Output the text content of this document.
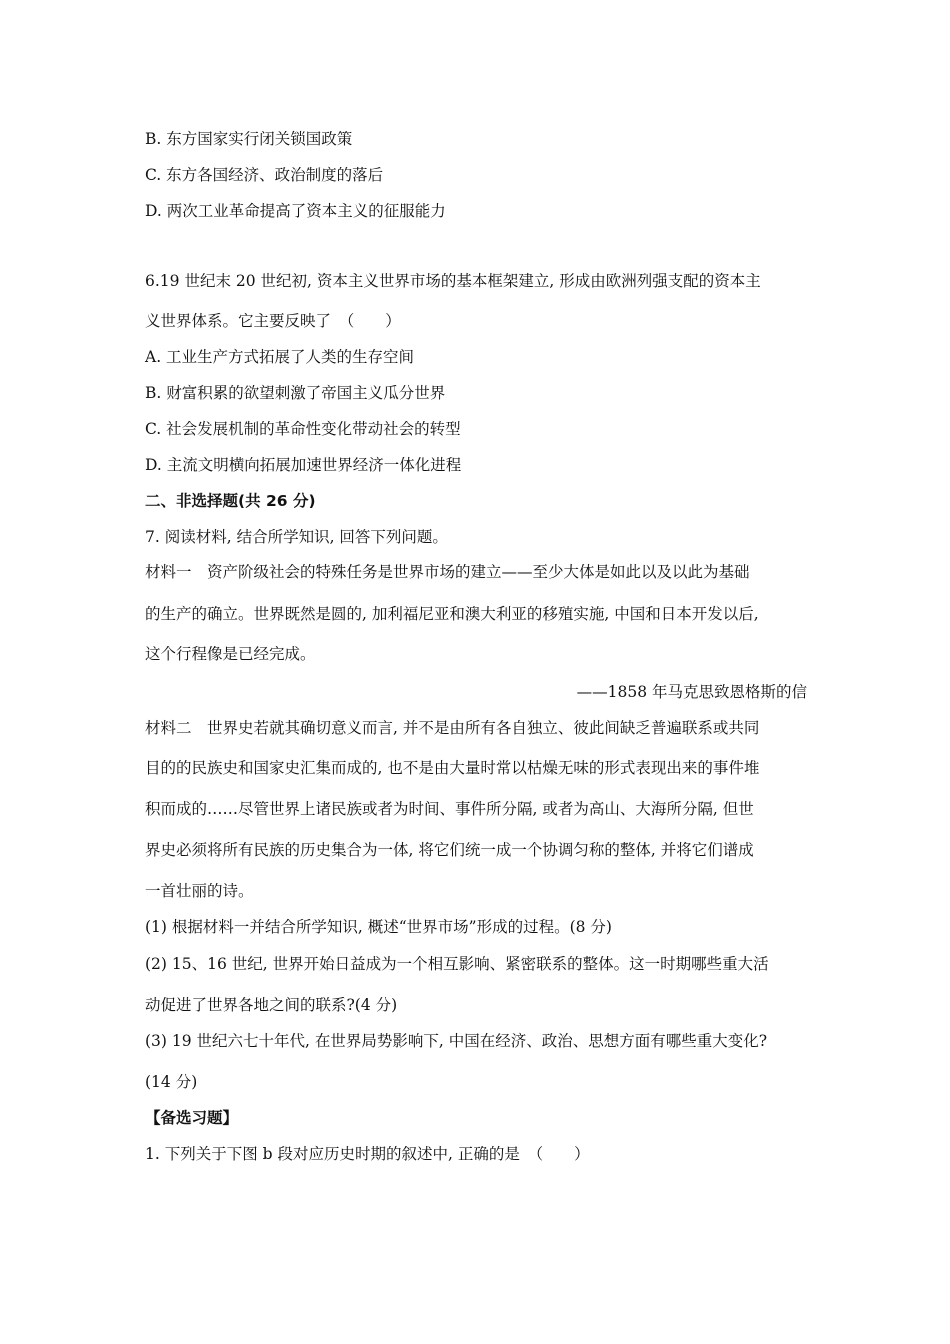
B. 东方国家实行闭关锁国政策
C. 东方各国经济、政治制度的落后
D. 两次工业革命提高了资本主义的征服能力
6.19 世纪末 20 世纪初, 资本主义世界市场的基本框架建立, 形成由欧洲列强支配的资本主
义世界体系。它主要反映了　（　　）
A. 工业生产方式拓展了人类的生存空间
B. 财富积累的欲望刺激了帝国主义瓜分世界
C. 社会发展机制的革命性变化带动社会的转型
D. 主流文明横向拓展加速世界经济一体化进程
二、非选择题(共 26 分)
7. 阅读材料, 结合所学知识, 回答下列问题。
材料一　资产阶级社会的特殊任务是世界市场的建立——至少大体是如此以及以此为基础
的生产的确立。世界既然是圆的, 加利福尼亚和澳大利亚的移殖实施, 中国和日本开发以后,
这个行程像是已经完成。
——1858 年马克思致恩格斯的信
材料二　世界史若就其确切意义而言, 并不是由所有各自独立、彼此间缺乏普遍联系或共同
目的的民族史和国家史汇集而成的, 也不是由大量时常以枯燥无味的形式表现出来的事件堆
积而成的……尽管世界上诸民族或者为时间、事件所分隔, 或者为高山、大海所分隔, 但世
界史必须将所有民族的历史集合为一体, 将它们统一成一个协调匀称的整体, 并将它们谱成
一首壮丽的诗。
(1) 根据材料一并结合所学知识, 概述“世界市场”形成的过程。(8 分)
(2) 15、16 世纪, 世界开始日益成为一个相互影响、紧密联系的整体。这一时期哪些重大活
动促进了世界各地之间的联系?(4 分)
(3) 19 世纪六七十年代, 在世界局势影响下, 中国在经济、政治、思想方面有哪些重大变化?
(14 分)
【备选习题】
1. 下列关于下图 b 段对应历史时期的叙述中, 正确的是　（　　）
